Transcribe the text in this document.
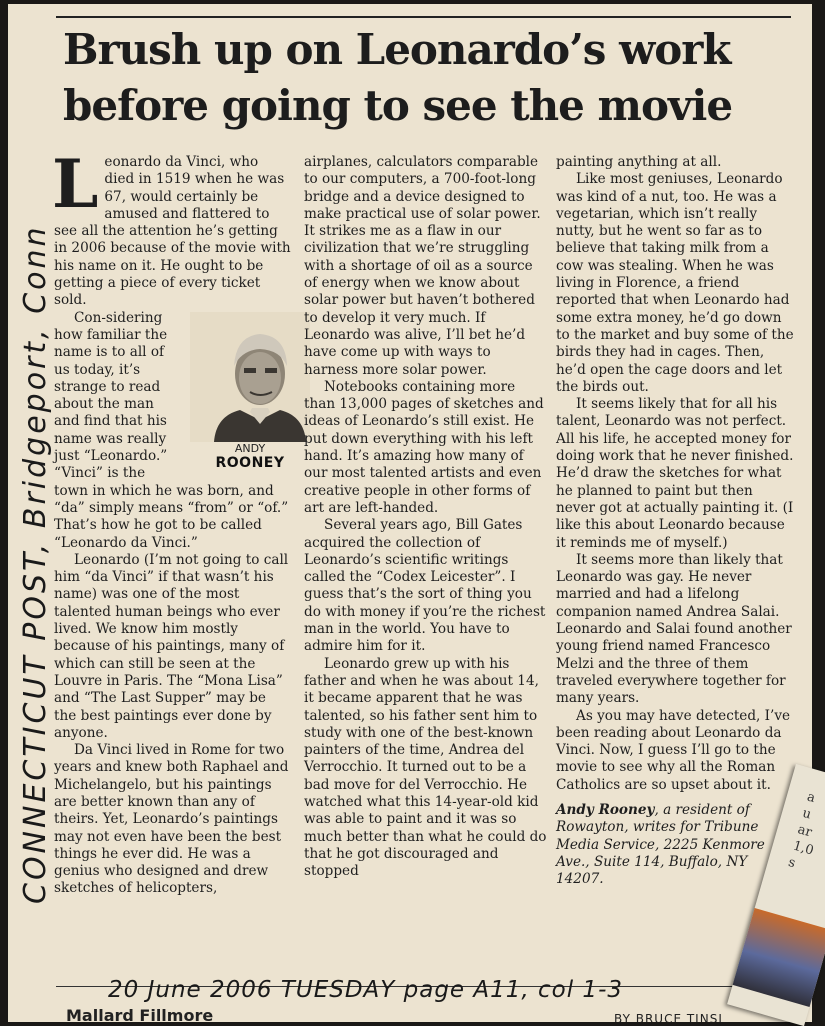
Brush up on Leonardo’s work
before going to see the movie

Leonardo da Vinci, who died in 1519 when he was 67, would certainly be amused and flattered to see all the attention he’s getting in 2006 because of the movie with his name on it. He ought to be getting a piece of every ticket sold.

ANDY
ROONEY
Con-sidering how familiar the name is to all of us today, it’s strange to read about the man and find that his name was really just “Leonardo.” “Vinci” is the town in which he was born, and “da” simply means “from” or “of.” That’s how he got to be called “Leonardo da Vinci.”

Leonardo (I’m not going to call him “da Vinci” if that wasn’t his name) was one of the most talented human beings who ever lived. We know him mostly because of his paintings, many of which can still be seen at the Louvre in Paris. The “Mona Lisa” and “The Last Supper” may be the best paintings ever done by anyone.

Da Vinci lived in Rome for two years and knew both Raphael and Michelangelo, but his paintings are better known than any of theirs. Yet, Leonardo’s paintings may not even have been the best things he ever did. He was a genius who designed and drew sketches of helicopters,

airplanes, calculators comparable to our computers, a 700-foot-long bridge and a device designed to make practical use of solar power. It strikes me as a flaw in our civilization that we’re struggling with a shortage of oil as a source of energy when we know about solar power but haven’t bothered to develop it very much. If Leonardo was alive, I’ll bet he’d have come up with ways to harness more solar power.

Notebooks containing more than 13,000 pages of sketches and ideas of Leonardo’s still exist. He put down everything with his left hand. It’s amazing how many of our most talented artists and even creative people in other forms of art are left-handed.

Several years ago, Bill Gates acquired the collection of Leonardo’s scientific writings called the “Codex Leicester”. I guess that’s the sort of thing you do with money if you’re the richest man in the world. You have to admire him for it.

Leonardo grew up with his father and when he was about 14, it became apparent that he was talented, so his father sent him to study with one of the best-known painters of the time, Andrea del Verrocchio. It turned out to be a bad move for del Verrocchio. He watched what this 14-year-old kid was able to paint and it was so much better than what he could do that he got discouraged and stopped

painting anything at all.

Like most geniuses, Leonardo was kind of a nut, too. He was a vegetarian, which isn’t really nutty, but he went so far as to believe that taking milk from a cow was stealing. When he was living in Florence, a friend reported that when Leonardo had some extra money, he’d go down to the market and buy some of the birds they had in cages. Then, he’d open the cage doors and let the birds out.

It seems likely that for all his talent, Leonardo was not perfect. All his life, he accepted money for doing work that he never finished. He’d draw the sketches for what he planned to paint but then never got at actually painting it. (I like this about Leonardo because it reminds me of myself.)

It seems more than likely that Leonardo was gay. He never married and had a lifelong companion named Andrea Salai. Leonardo and Salai found another young friend named Francesco Melzi and the three of them traveled everywhere together for many years.

As you may have detected, I’ve been reading about Leonardo da Vinci. Now, I guess I’ll go to the movie to see why all the Roman Catholics are so upset about it.

Andy Rooney, a resident of Rowayton, writes for Tribune Media Service, 2225 Kenmore Ave., Suite 114, Buffalo, NY 14207.

CONNECTICUT POST, Bridgeport, Conn
20 June 2006 TUESDAY page A11, col 1-3
Mallard Fillmore	BY BRUCE TINSL
a
u
ar
1,0
s
